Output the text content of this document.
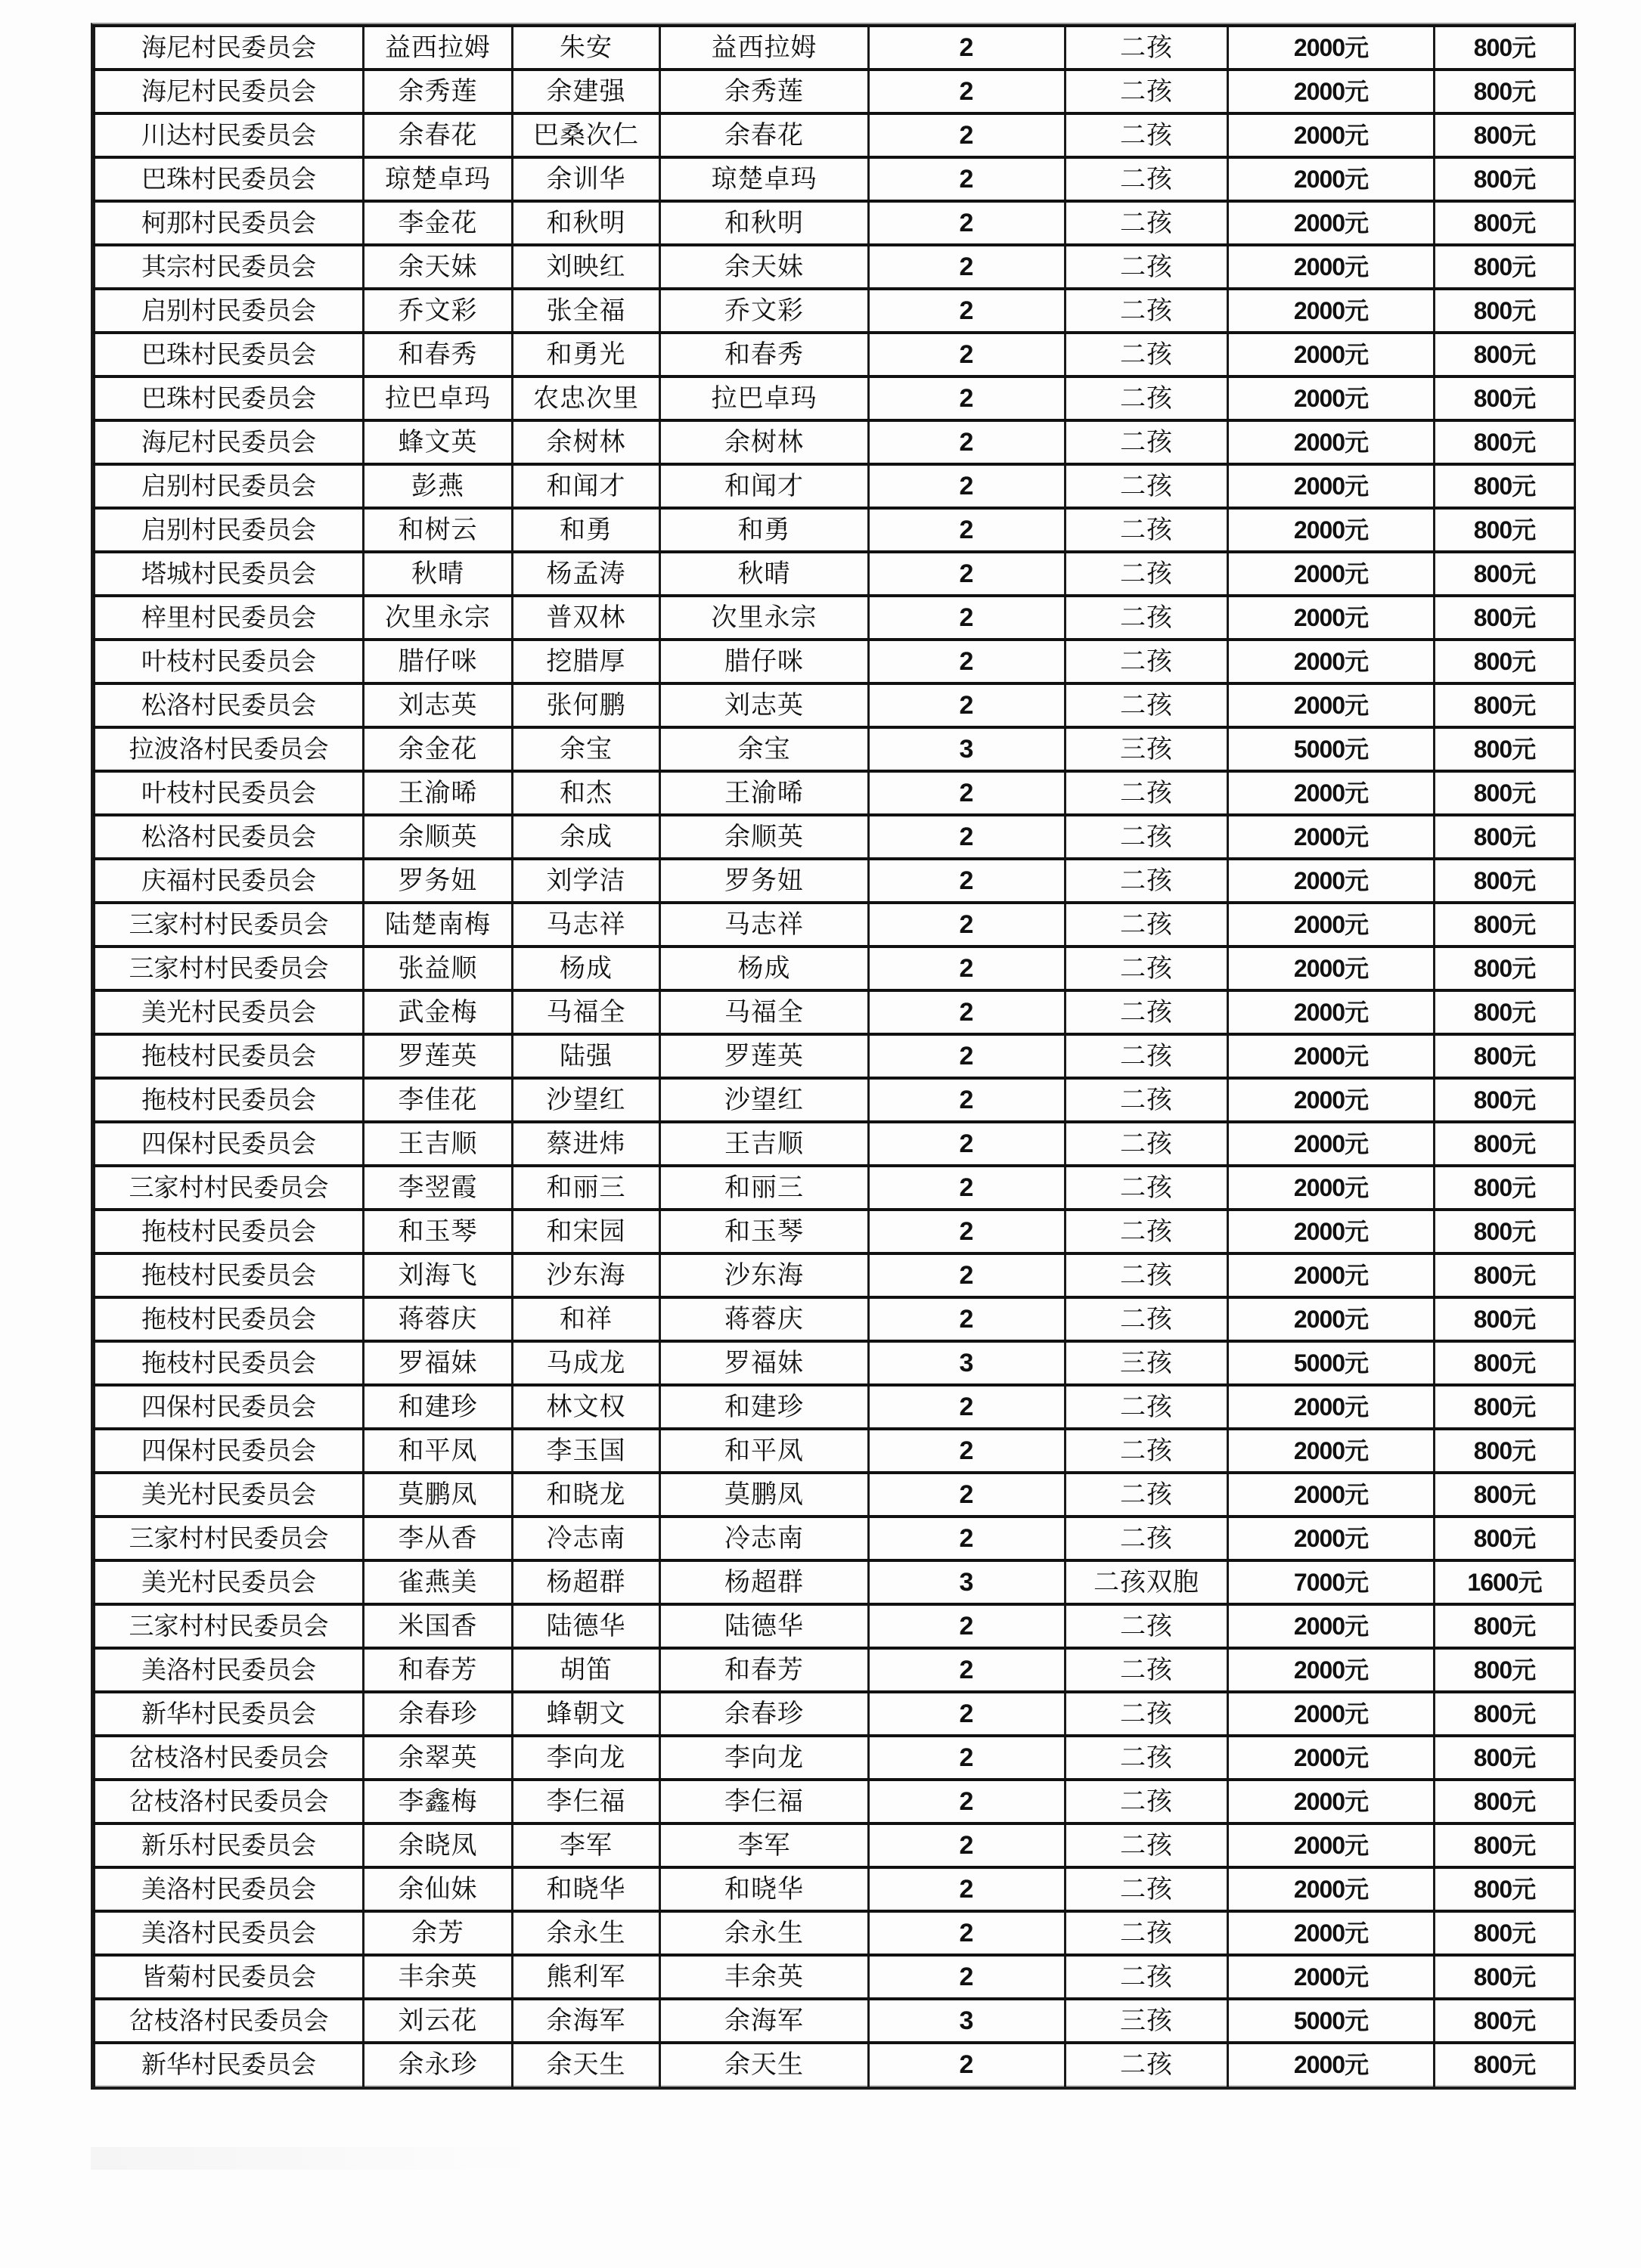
海尼村民委员会	益西拉姆	朱安	益西拉姆	2	二孩	2000元	800元
海尼村民委员会	余秀莲	余建强	余秀莲	2	二孩	2000元	800元
川达村民委员会	余春花	巴桑次仁	余春花	2	二孩	2000元	800元
巴珠村民委员会	琼楚卓玛	余训华	琼楚卓玛	2	二孩	2000元	800元
柯那村民委员会	李金花	和秋明	和秋明	2	二孩	2000元	800元
其宗村民委员会	余天妹	刘映红	余天妹	2	二孩	2000元	800元
启别村民委员会	乔文彩	张全福	乔文彩	2	二孩	2000元	800元
巴珠村民委员会	和春秀	和勇光	和春秀	2	二孩	2000元	800元
巴珠村民委员会	拉巴卓玛	农忠次里	拉巴卓玛	2	二孩	2000元	800元
海尼村民委员会	蜂文英	余树林	余树林	2	二孩	2000元	800元
启别村民委员会	彭燕	和闻才	和闻才	2	二孩	2000元	800元
启别村民委员会	和树云	和勇	和勇	2	二孩	2000元	800元
塔城村民委员会	秋晴	杨孟涛	秋晴	2	二孩	2000元	800元
梓里村民委员会	次里永宗	普双林	次里永宗	2	二孩	2000元	800元
叶枝村民委员会	腊仔咪	挖腊厚	腊仔咪	2	二孩	2000元	800元
松洛村民委员会	刘志英	张何鹏	刘志英	2	二孩	2000元	800元
拉波洛村民委员会	余金花	余宝	余宝	3	三孩	5000元	800元
叶枝村民委员会	王渝晞	和杰	王渝晞	2	二孩	2000元	800元
松洛村民委员会	余顺英	余成	余顺英	2	二孩	2000元	800元
庆福村民委员会	罗务妞	刘学洁	罗务妞	2	二孩	2000元	800元
三家村村民委员会	陆楚南梅	马志祥	马志祥	2	二孩	2000元	800元
三家村村民委员会	张益顺	杨成	杨成	2	二孩	2000元	800元
美光村民委员会	武金梅	马福全	马福全	2	二孩	2000元	800元
拖枝村民委员会	罗莲英	陆强	罗莲英	2	二孩	2000元	800元
拖枝村民委员会	李佳花	沙望红	沙望红	2	二孩	2000元	800元
四保村民委员会	王吉顺	蔡进炜	王吉顺	2	二孩	2000元	800元
三家村村民委员会	李翌霞	和丽三	和丽三	2	二孩	2000元	800元
拖枝村民委员会	和玉琴	和宋园	和玉琴	2	二孩	2000元	800元
拖枝村民委员会	刘海飞	沙东海	沙东海	2	二孩	2000元	800元
拖枝村民委员会	蒋蓉庆	和祥	蒋蓉庆	2	二孩	2000元	800元
拖枝村民委员会	罗福妹	马成龙	罗福妹	3	三孩	5000元	800元
四保村民委员会	和建珍	林文权	和建珍	2	二孩	2000元	800元
四保村民委员会	和平凤	李玉国	和平凤	2	二孩	2000元	800元
美光村民委员会	莫鹏凤	和晓龙	莫鹏凤	2	二孩	2000元	800元
三家村村民委员会	李从香	冷志南	冷志南	2	二孩	2000元	800元
美光村民委员会	雀燕美	杨超群	杨超群	3	二孩双胞	7000元	1600元
三家村村民委员会	米国香	陆德华	陆德华	2	二孩	2000元	800元
美洛村民委员会	和春芳	胡笛	和春芳	2	二孩	2000元	800元
新华村民委员会	余春珍	蜂朝文	余春珍	2	二孩	2000元	800元
岔枝洛村民委员会	余翠英	李向龙	李向龙	2	二孩	2000元	800元
岔枝洛村民委员会	李鑫梅	李仨福	李仨福	2	二孩	2000元	800元
新乐村民委员会	余晓凤	李军	李军	2	二孩	2000元	800元
美洛村民委员会	余仙妹	和晓华	和晓华	2	二孩	2000元	800元
美洛村民委员会	余芳	余永生	余永生	2	二孩	2000元	800元
皆菊村民委员会	丰余英	熊利军	丰余英	2	二孩	2000元	800元
岔枝洛村民委员会	刘云花	余海军	余海军	3	三孩	5000元	800元
新华村民委员会	余永珍	余天生	余天生	2	二孩	2000元	800元
